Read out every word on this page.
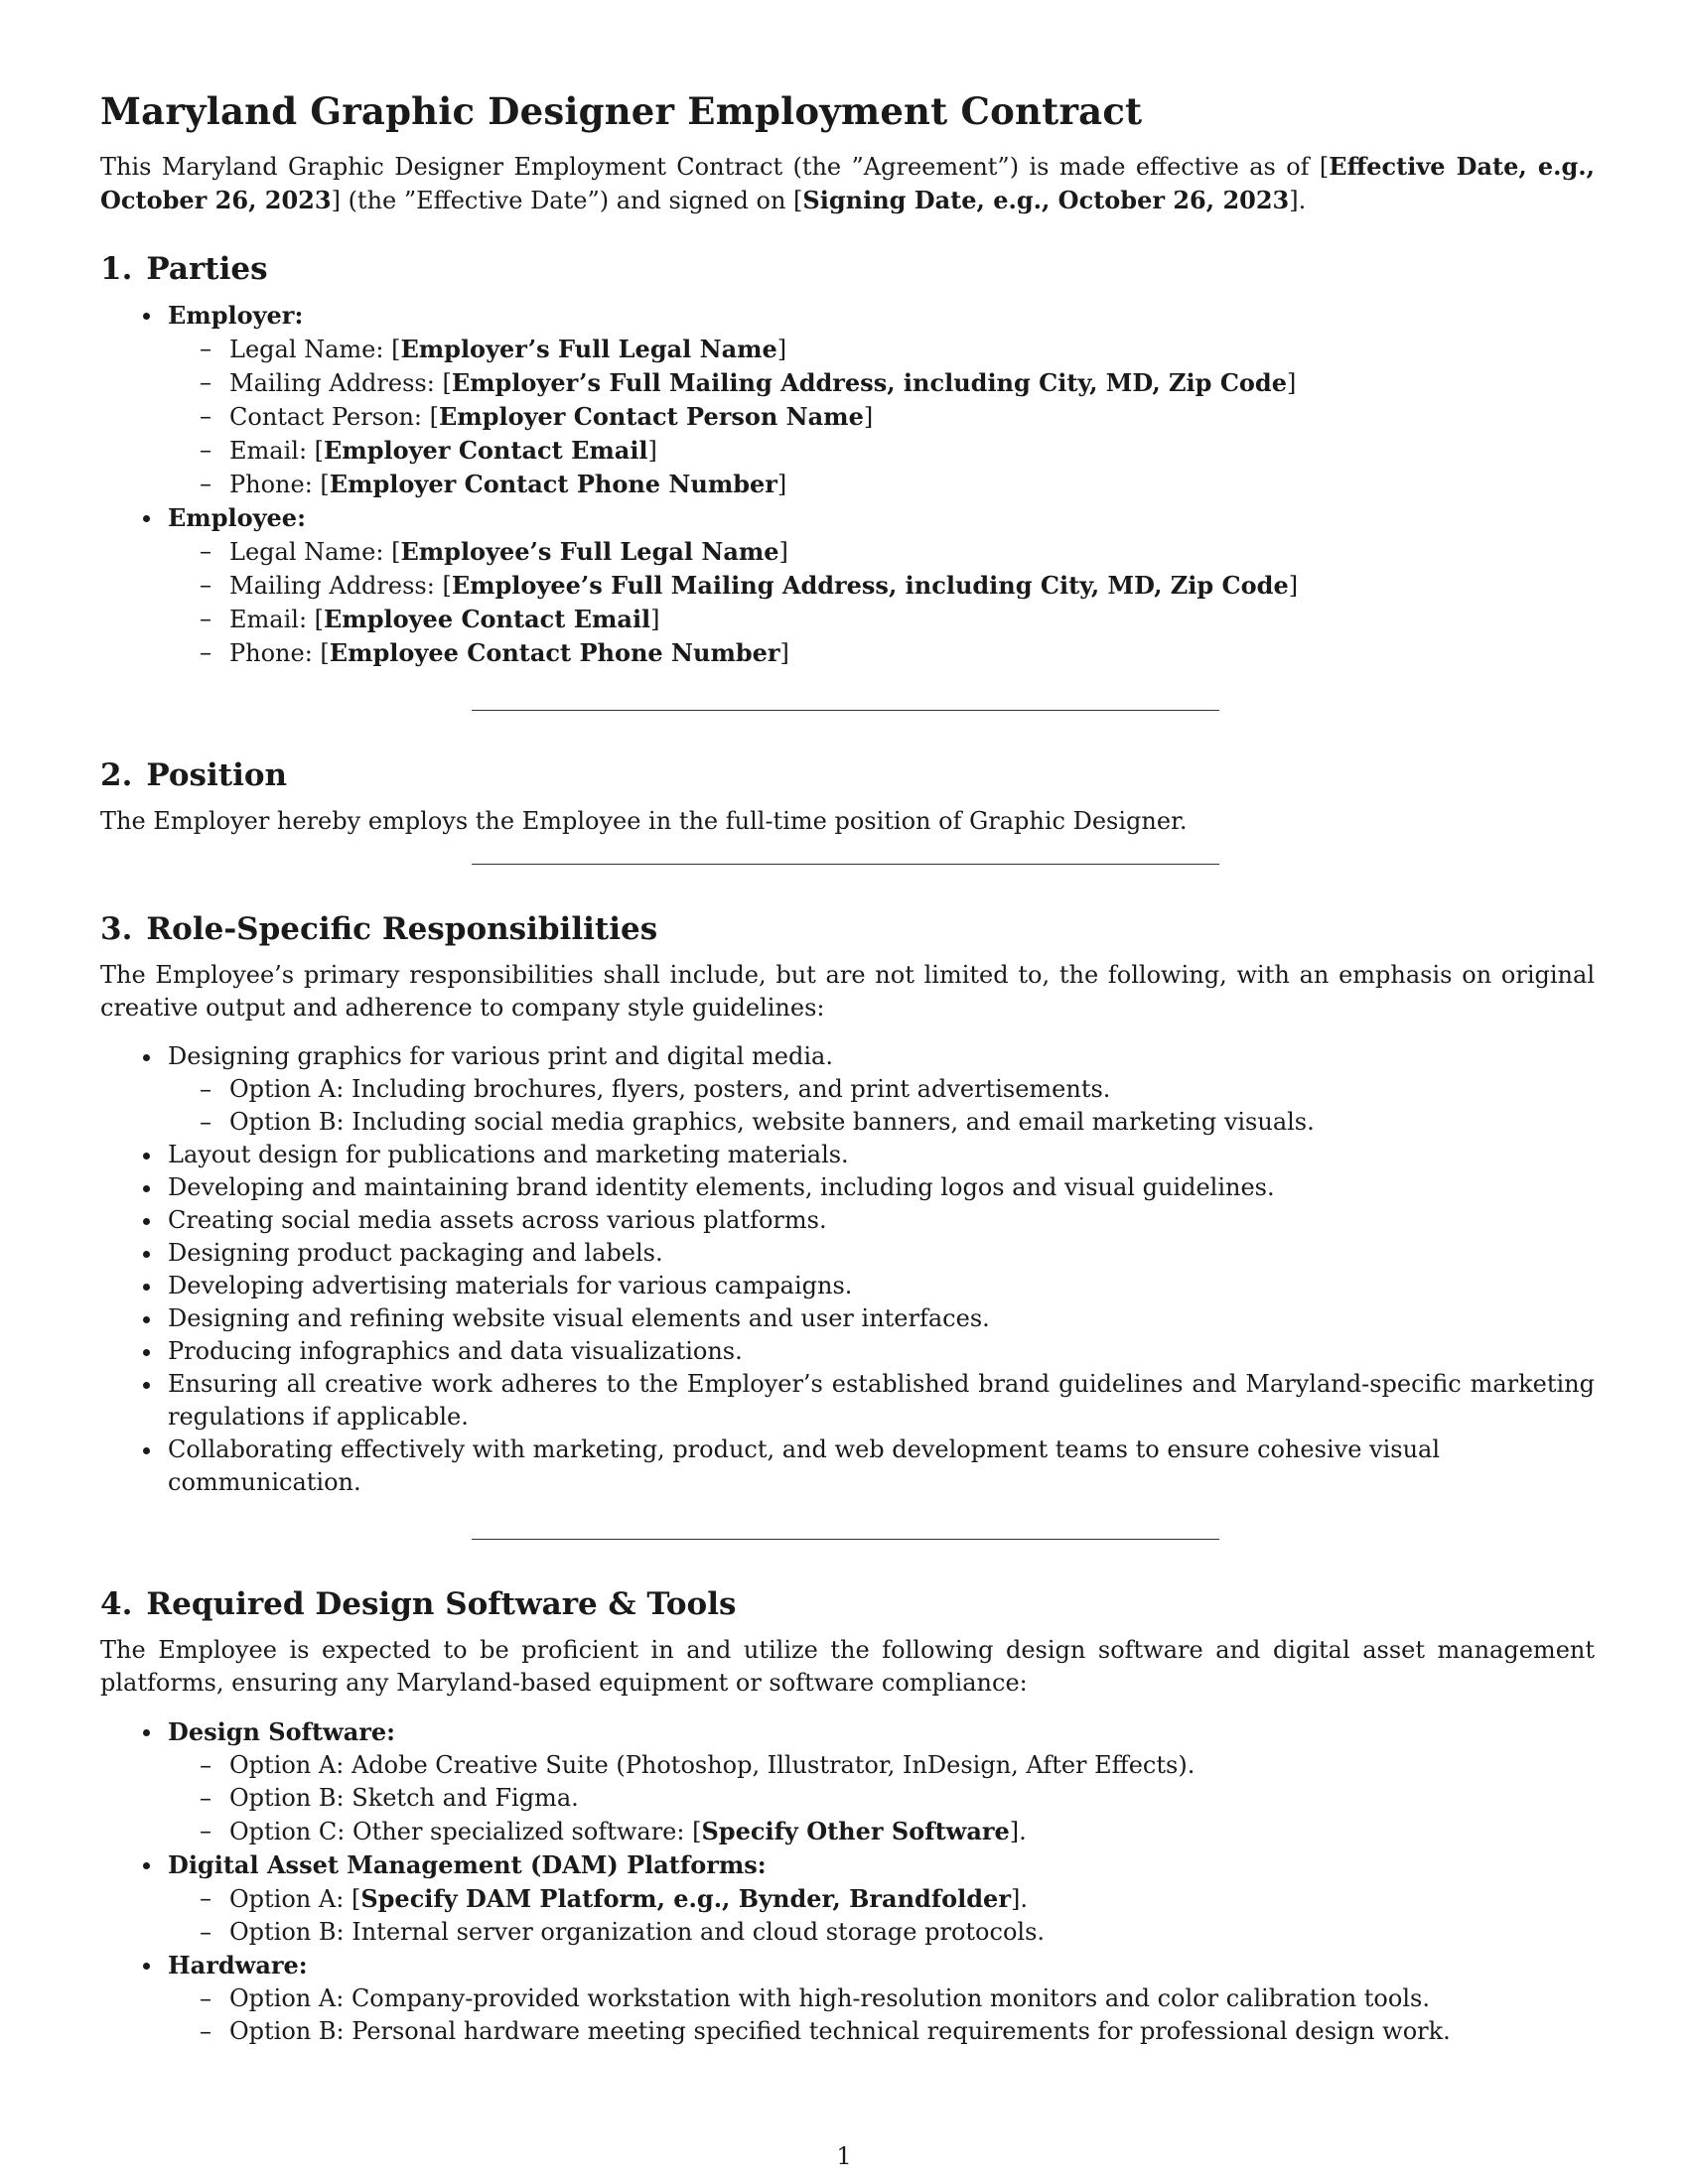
Maryland Graphic Designer Employment Contract

This Maryland Graphic Designer Employment Contract (the ”Agreement”) is made effective as of [Effective Date, e.g., October 26, 2023] (the ”Effective Date”) and signed on [Signing Date, e.g., October 26, 2023].

1. Parties
Employer:
– Legal Name: [Employer’s Full Legal Name]
– Mailing Address: [Employer’s Full Mailing Address, including City, MD, Zip Code]
– Contact Person: [Employer Contact Person Name]
– Email: [Employer Contact Email]
– Phone: [Employer Contact Phone Number]
Employee:
– Legal Name: [Employee’s Full Legal Name]
– Mailing Address: [Employee’s Full Mailing Address, including City, MD, Zip Code]
– Email: [Employee Contact Email]
– Phone: [Employee Contact Phone Number]
2. Position

The Employer hereby employs the Employee in the full-time position of Graphic Designer.

3. Role-Specific Responsibilities

The Employee’s primary responsibilities shall include, but are not limited to, the following, with an emphasis on original creative output and adherence to company style guidelines:

Designing graphics for various print and digital media.
– Option A: Including brochures, flyers, posters, and print advertisements.
– Option B: Including social media graphics, website banners, and email marketing visuals.
Layout design for publications and marketing materials.
Developing and maintaining brand identity elements, including logos and visual guidelines.
Creating social media assets across various platforms.
Designing product packaging and labels.
Developing advertising materials for various campaigns.
Designing and refining website visual elements and user interfaces.
Producing infographics and data visualizations.
Ensuring all creative work adheres to the Employer’s established brand guidelines and Maryland-specific marketing regulations if applicable.
Collaborating effectively with marketing, product, and web development teams to ensure cohesive visual communication.
4. Required Design Software & Tools

The Employee is expected to be proficient in and utilize the following design software and digital asset management platforms, ensuring any Maryland-based equipment or software compliance:

Design Software:
– Option A: Adobe Creative Suite (Photoshop, Illustrator, InDesign, After Effects).
– Option B: Sketch and Figma.
– Option C: Other specialized software: [Specify Other Software].
Digital Asset Management (DAM) Platforms:
– Option A: [Specify DAM Platform, e.g., Bynder, Brandfolder].
– Option B: Internal server organization and cloud storage protocols.
Hardware:
– Option A: Company-provided workstation with high-resolution monitors and color calibration tools.
– Option B: Personal hardware meeting specified technical requirements for professional design work.
1
